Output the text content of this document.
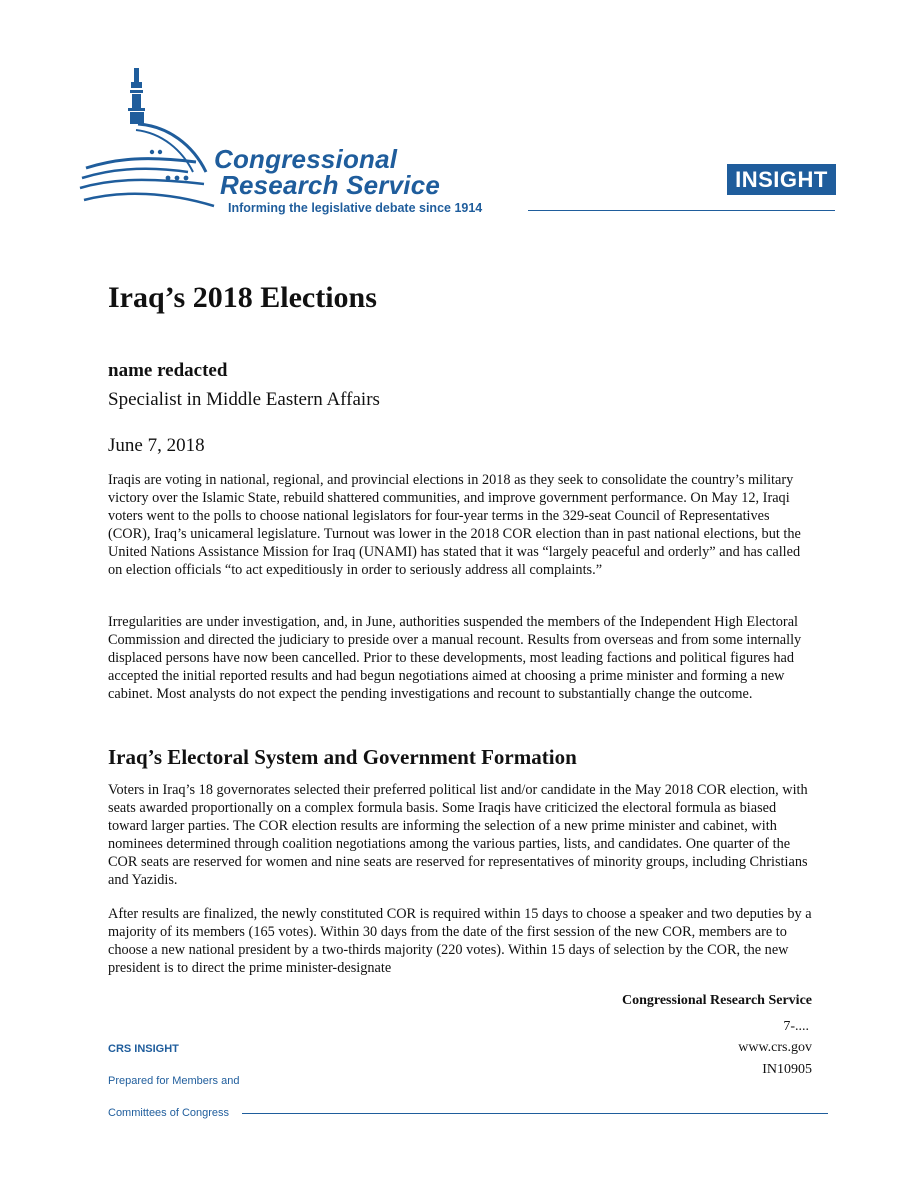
Congressional
Research Service
Informing the legislative debate since 1914
INSIGHT
Iraq’s 2018 Elections
name redacted
Specialist in Middle Eastern Affairs
June 7, 2018

Iraqis are voting in national, regional, and provincial elections in 2018 as they seek to consolidate the country’s military victory over the Islamic State, rebuild shattered communities, and improve government performance. On May 12, Iraqi voters went to the polls to choose national legislators for four-year terms in the 329-seat Council of Representatives (COR), Iraq’s unicameral legislature. Turnout was lower in the 2018 COR election than in past national elections, but the United Nations Assistance Mission for Iraq (UNAMI) has stated that it was “largely peaceful and orderly” and has called on election officials “to act expeditiously in order to seriously address all complaints.”

Irregularities are under investigation, and, in June, authorities suspended the members of the Independent High Electoral Commission and directed the judiciary to preside over a manual recount. Results from overseas and from some internally displaced persons have now been cancelled. Prior to these developments, most leading factions and political figures had accepted the initial reported results and had begun negotiations aimed at choosing a prime minister and forming a new cabinet. Most analysts do not expect the pending investigations and recount to substantially change the outcome.

Iraq’s Electoral System and Government Formation

Voters in Iraq’s 18 governorates selected their preferred political list and/or candidate in the May 2018 COR election, with seats awarded proportionally on a complex formula basis. Some Iraqis have criticized the electoral formula as biased toward larger parties. The COR election results are informing the selection of a new prime minister and cabinet, with nominees determined through coalition negotiations among the various parties, lists, and candidates. One quarter of the COR seats are reserved for women and nine seats are reserved for representatives of minority groups, including Christians and Yazidis.

After results are finalized, the newly constituted COR is required within 15 days to choose a speaker and two deputies by a majority of its members (165 votes). Within 30 days from the date of the first session of the new COR, members are to choose a new national president by a two-thirds majority (220 votes). Within 15 days of selection by the COR, the new president is to direct the prime minister-designate

Congressional Research Service
7-....
www.crs.gov
IN10905
CRS INSIGHT
Prepared for Members and
Committees of Congress
